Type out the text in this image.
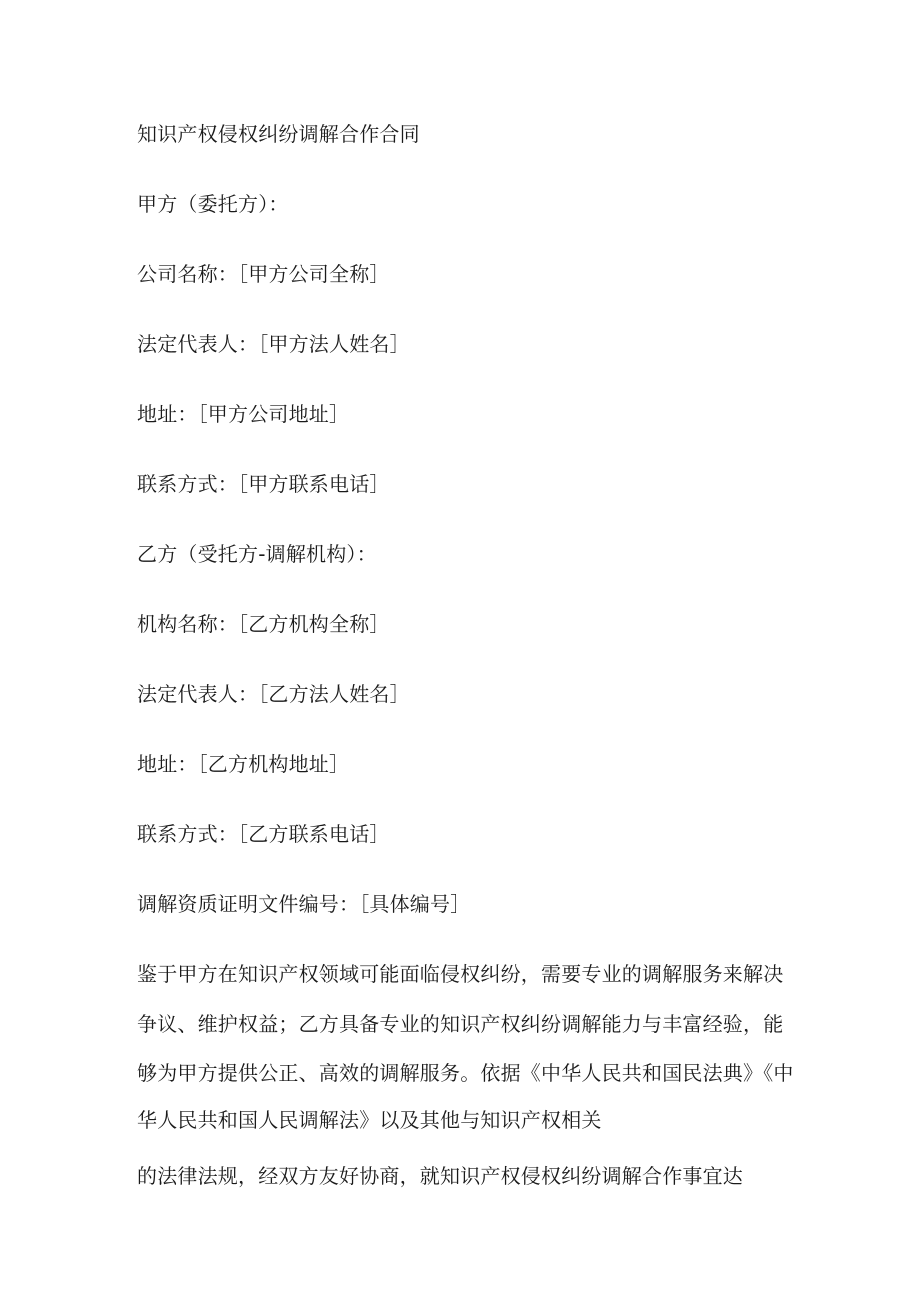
知识产权侵权纠纷调解合作合同
甲方（委托方）：
公司名称：［甲方公司全称］
法定代表人：［甲方法人姓名］
地址：［甲方公司地址］
联系方式：［甲方联系电话］
乙方（受托方-调解机构）：
机构名称：［乙方机构全称］
法定代表人：［乙方法人姓名］
地址：［乙方机构地址］
联系方式：［乙方联系电话］
调解资质证明文件编号：［具体编号］
鉴于甲方在知识产权领域可能面临侵权纠纷，需要专业的调解服务来解决
争议、维护权益；乙方具备专业的知识产权纠纷调解能力与丰富经验，能
够为甲方提供公正、高效的调解服务。依据《中华人民共和国民法典》《中
华人民共和国人民调解法》以及其他与知识产权相关
的法律法规，经双方友好协商，就知识产权侵权纠纷调解合作事宜达
